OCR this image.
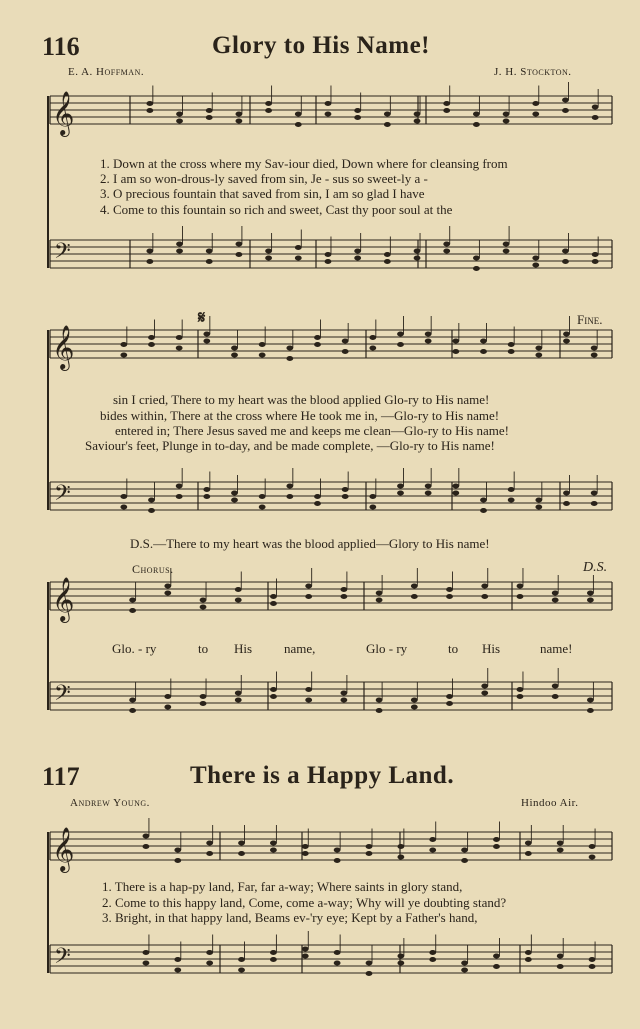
116	Glory to His Name!
E. A. Hoffman.	J. H. Stockton.
𝄞
𝄢
𝄞
𝄢
𝄞
𝄢
𝄞
𝄢
1. Down at the cross where my Sav-iour died, Down where for cleansing from
2. I am so won-drous-ly saved from sin, Je - sus so sweet-ly a -
3. O precious fountain that saved from sin, I am so glad I have
4. Come to this fountain so rich and sweet, Cast thy poor soul at the
𝄋	Fine.
sin I cried, There to my heart was the blood applied Glo-ry to His name!
bides within, There at the cross where He took me in, —Glo-ry to His name!
entered in; There Jesus saved me and keeps me clean—Glo-ry to His name!
Saviour's feet, Plunge in to-day, and be made complete, —Glo-ry to His name!
D.S.—There to my heart was the blood applied—Glory to His name!
Chorus.	D.S.
Glo. - ry	to His name,	Glo - ry	to His	name!
117	There is a Happy Land.
Andrew Young.	Hindoo Air.
1. There is a hap-py land, Far, far a-way; Where saints in glory stand,
2. Come to this happy land, Come, come a-way; Why will ye doubting stand?
3. Bright, in that happy land, Beams ev-'ry eye; Kept by a Father's hand,
